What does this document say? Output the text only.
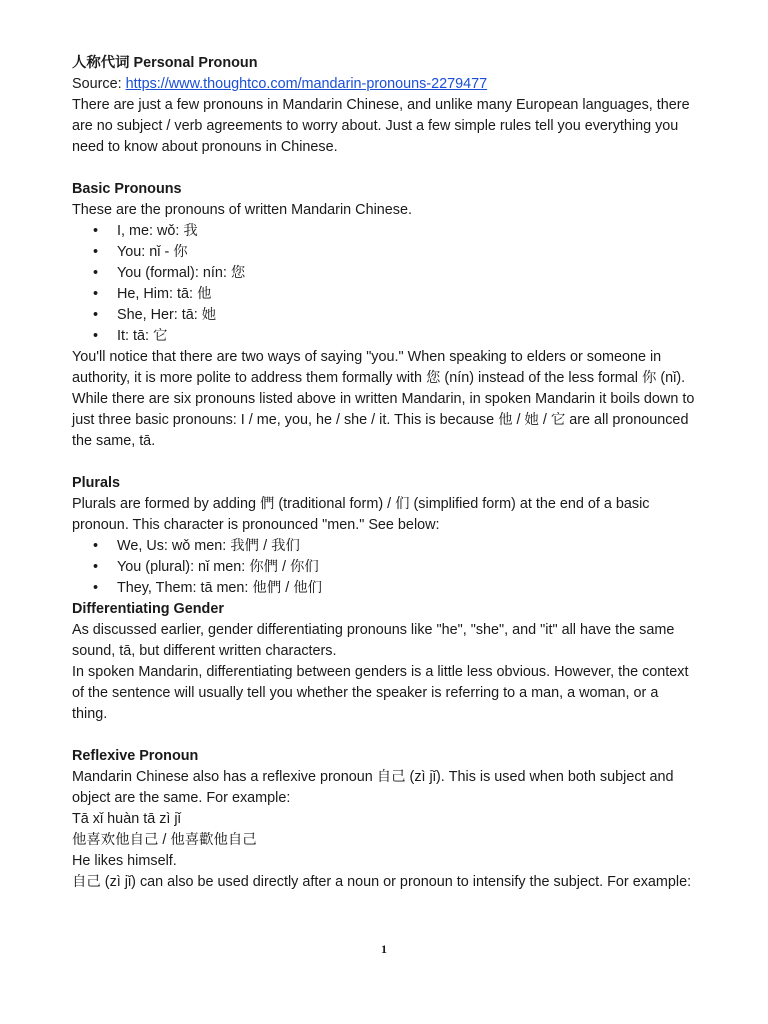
人称代词 Personal Pronoun

Source: https://www.thoughtco.com/mandarin-pronouns-2279477

There are just a few pronouns in Mandarin Chinese, and unlike many European languages, there are no subject / verb agreements to worry about. Just a few simple rules tell you everything you need to know about pronouns in Chinese.

Basic Pronouns

These are the pronouns of written Mandarin Chinese.

• I, me: wǒ: 我
• You: nǐ - 你
• You (formal): nín: 您
• He, Him: tā: 他
• She, Her: tā: 她
• It: tā: 它

You'll notice that there are two ways of saying "you." When speaking to elders or someone in authority, it is more polite to address them formally with 您 (nín) instead of the less formal 你 (nǐ).

While there are six pronouns listed above in written Mandarin, in spoken Mandarin it boils down to just three basic pronouns: I / me, you, he / she / it. This is because 他 / 她 / 它 are all pronounced the same, tā.

Plurals

Plurals are formed by adding 們 (traditional form) / 们 (simplified form) at the end of a basic pronoun. This character is pronounced "men." See below:

• We, Us: wǒ men: 我們 / 我们
• You (plural): nǐ men: 你們 / 你们
• They, Them: tā men: 他們 / 他们

Differentiating Gender

As discussed earlier, gender differentiating pronouns like "he", "she", and "it" all have the same sound, tā, but different written characters.

In spoken Mandarin, differentiating between genders is a little less obvious. However, the context of the sentence will usually tell you whether the speaker is referring to a man, a woman, or a thing.

Reflexive Pronoun

Mandarin Chinese also has a reflexive pronoun 自己 (zì jǐ). This is used when both subject and object are the same. For example:

Tā xǐ huàn tā zì jǐ

他喜欢他自己 / 他喜歡他自己

He likes himself.

自己 (zì jǐ) can also be used directly after a noun or pronoun to intensify the subject. For example:

1
